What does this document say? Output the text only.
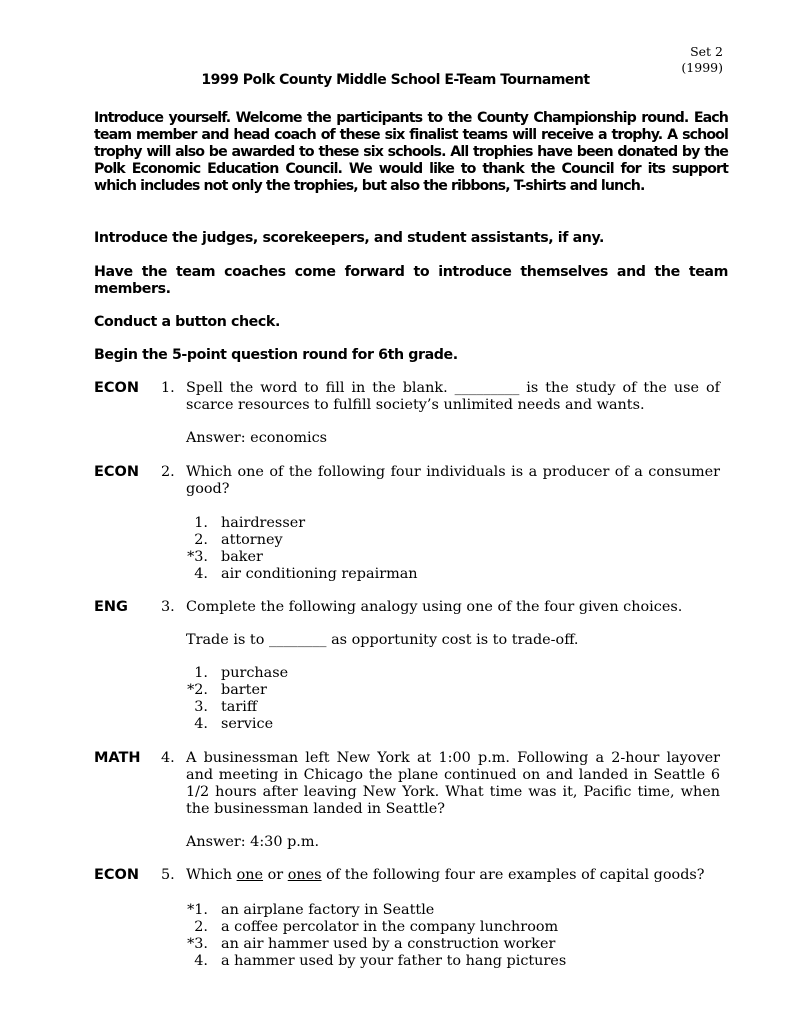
Set 2
(1999)
1999 Polk County Middle School E-Team Tournament
Introduce yourself. Welcome the participants to the County Championship round. Each team member and head coach of these six finalist teams will receive a trophy. A school trophy will also be awarded to these six schools. All trophies have been donated by the Polk Economic Education Council. We would like to thank the Council for its support which includes not only the trophies, but also the ribbons, T-shirts and lunch.
Introduce the judges, scorekeepers, and student assistants, if any.
Have the team coaches come forward to introduce themselves and the team members.
Conduct a button check.
Begin the 5-point question round for 6th grade.
ECON 1. Spell the word to fill in the blank. _________ is the study of the use of scarce resources to fulfill society’s unlimited needs and wants.
Answer: economics
ECON 2. Which one of the following four individuals is a producer of a consumer good?
1. hairdresser
2. attorney
*3. baker
4. air conditioning repairman
ENG 3. Complete the following analogy using one of the four given choices.
Trade is to ________ as opportunity cost is to trade-off.
1. purchase
*2. barter
3. tariff
4. service
MATH 4. A businessman left New York at 1:00 p.m. Following a 2-hour layover and meeting in Chicago the plane continued on and landed in Seattle 6 1/2 hours after leaving New York. What time was it, Pacific time, when the businessman landed in Seattle?
Answer: 4:30 p.m.
ECON 5. Which one or ones of the following four are examples of capital goods?
*1. an airplane factory in Seattle
2. a coffee percolator in the company lunchroom
*3. an air hammer used by a construction worker
4. a hammer used by your father to hang pictures
